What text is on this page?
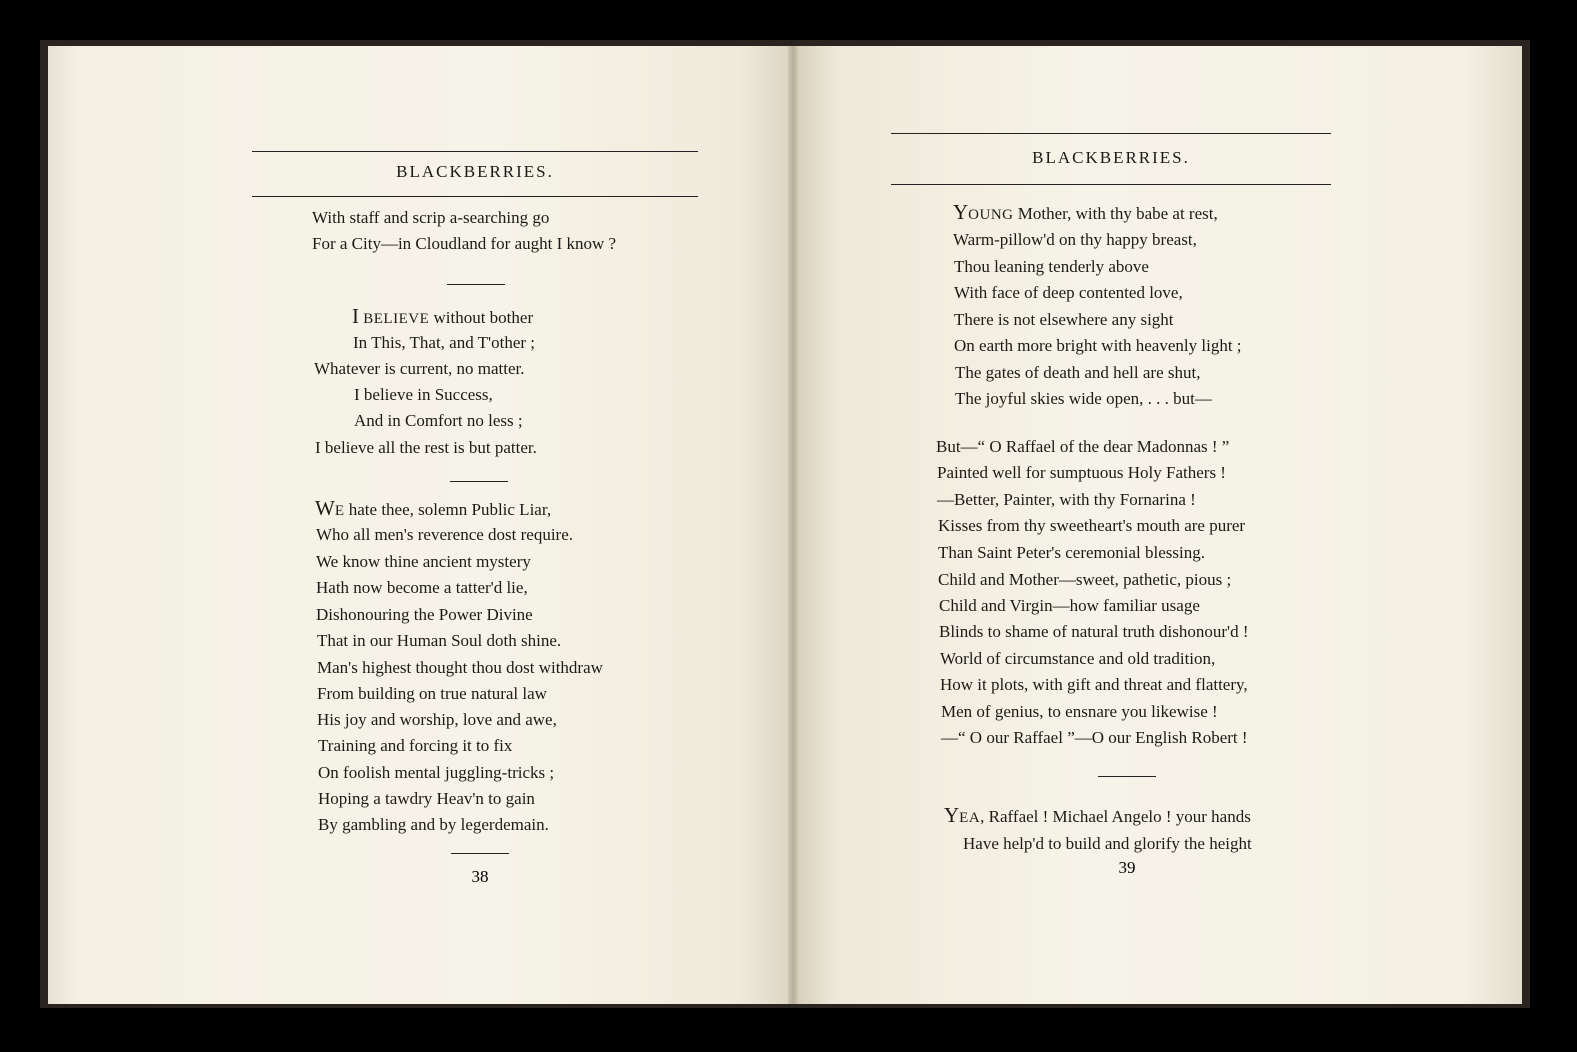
BLACKBERRIES.
With staff and scrip a-searching go
For a City—in Cloudland for aught I know ?
I BELIEVE without bother
In This, That, and T'other ;
Whatever is current, no matter.
I believe in Success,
And in Comfort no less ;
I believe all the rest is but patter.
WE hate thee, solemn Public Liar,
Who all men's reverence dost require.
We know thine ancient mystery
Hath now become a tatter'd lie,
Dishonouring the Power Divine
That in our Human Soul doth shine.
Man's highest thought thou dost withdraw
From building on true natural law
His joy and worship, love and awe,
Training and forcing it to fix
On foolish mental juggling-tricks ;
Hoping a tawdry Heav'n to gain
By gambling and by legerdemain.
38
BLACKBERRIES.
YOUNG Mother, with thy babe at rest,
Warm-pillow'd on thy happy breast,
Thou leaning tenderly above
With face of deep contented love,
There is not elsewhere any sight
On earth more bright with heavenly light ;
The gates of death and hell are shut,
The joyful skies wide open, . . . but—
But—“ O Raffael of the dear Madonnas ! ”
Painted well for sumptuous Holy Fathers !
—Better, Painter, with thy Fornarina !
Kisses from thy sweetheart's mouth are purer
Than Saint Peter's ceremonial blessing.
Child and Mother—sweet, pathetic, pious ;
Child and Virgin—how familiar usage
Blinds to shame of natural truth dishonour'd !
World of circumstance and old tradition,
How it plots, with gift and threat and flattery,
Men of genius, to ensnare you likewise !
—“ O our Raffael ”—O our English Robert !
YEA, Raffael ! Michael Angelo ! your hands
Have help'd to build and glorify the height
39
